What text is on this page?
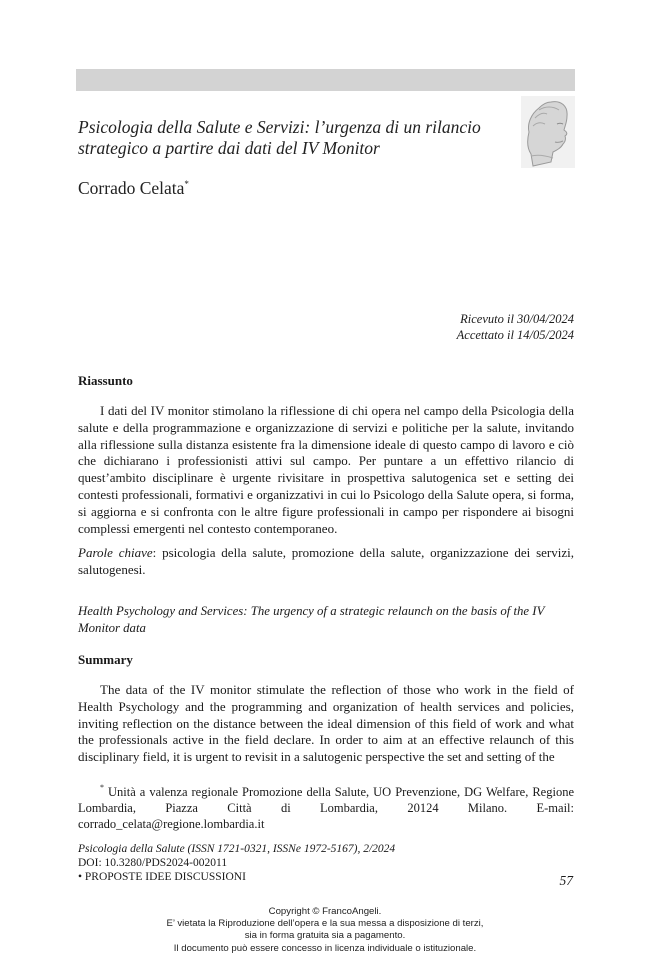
Psicologia della Salute e Servizi: l’urgenza di un rilancio strategico a partire dai dati del IV Monitor
Corrado Celata*
Ricevuto il 30/04/2024
Accettato il 14/05/2024
Riassunto

I dati del IV monitor stimolano la riflessione di chi opera nel campo della Psicologia della salute e della programmazione e organizzazione di servizi e politiche per la salute, invitando alla riflessione sulla distanza esistente fra la dimensione ideale di questo campo di lavoro e ciò che dichiarano i professionisti attivi sul campo. Per puntare a un effettivo rilancio di quest’ambito disciplinare è urgente rivisitare in prospettiva salutogenica set e setting dei contesti professionali, formativi e organizzativi in cui lo Psicologo della Salute opera, si forma, si aggiorna e si confronta con le altre figure professionali in campo per rispondere ai bisogni complessi emergenti nel contesto contemporaneo.

Parole chiave: psicologia della salute, promozione della salute, organizzazione dei servizi, salutogenesi.

Health Psychology and Services: The urgency of a strategic relaunch on the basis of the IV Monitor data
Summary

The data of the IV monitor stimulate the reflection of those who work in the field of Health Psychology and the programming and organization of health services and policies, inviting reflection on the distance between the ideal dimension of this field of work and what the professionals active in the field declare. In order to aim at an effective relaunch of this disciplinary field, it is urgent to revisit in a salutogenic perspective the set and setting of the

* Unità a valenza regionale Promozione della Salute, UO Prevenzione, DG Welfare, Regione Lombardia, Piazza Città di Lombardia, 20124 Milano. E-mail: corrado_celata@regione.lombardia.it
Psicologia della Salute (ISSN 1721-0321, ISSNe 1972-5167), 2/2024
DOI: 10.3280/PDS2024-002011
• PROPOSTE IDEE DISCUSSIONI	57
Copyright © FrancoAngeli.
E’ vietata la Riproduzione dell’opera e la sua messa a disposizione di terzi,
sia in forma gratuita sia a pagamento.
Il documento può essere concesso in licenza individuale o istituzionale.
